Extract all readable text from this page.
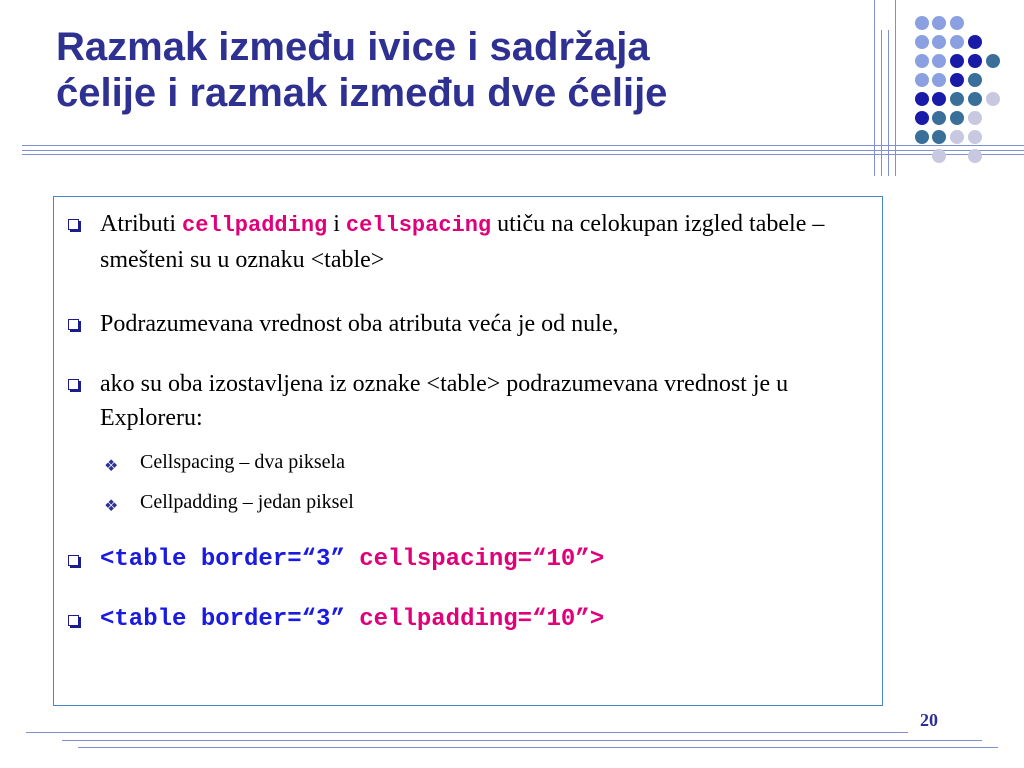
Razmak između ivice i sadržaja
ćelije i razmak između dve ćelije
Atributi cellpadding i cellspacing utiču na celokupan izgled tabele – smešteni su u oznaku <table>
Podrazumevana vrednost oba atributa veća je od nule,
ako su oba izostavljena iz oznake <table> podrazumevana vrednost je u Exploreru:
❖ Cellspacing – dva piksela
❖ Cellpadding – jedan piksel
<table border=“3” cellspacing=“10”>
<table border=“3” cellpadding=“10”>
20
